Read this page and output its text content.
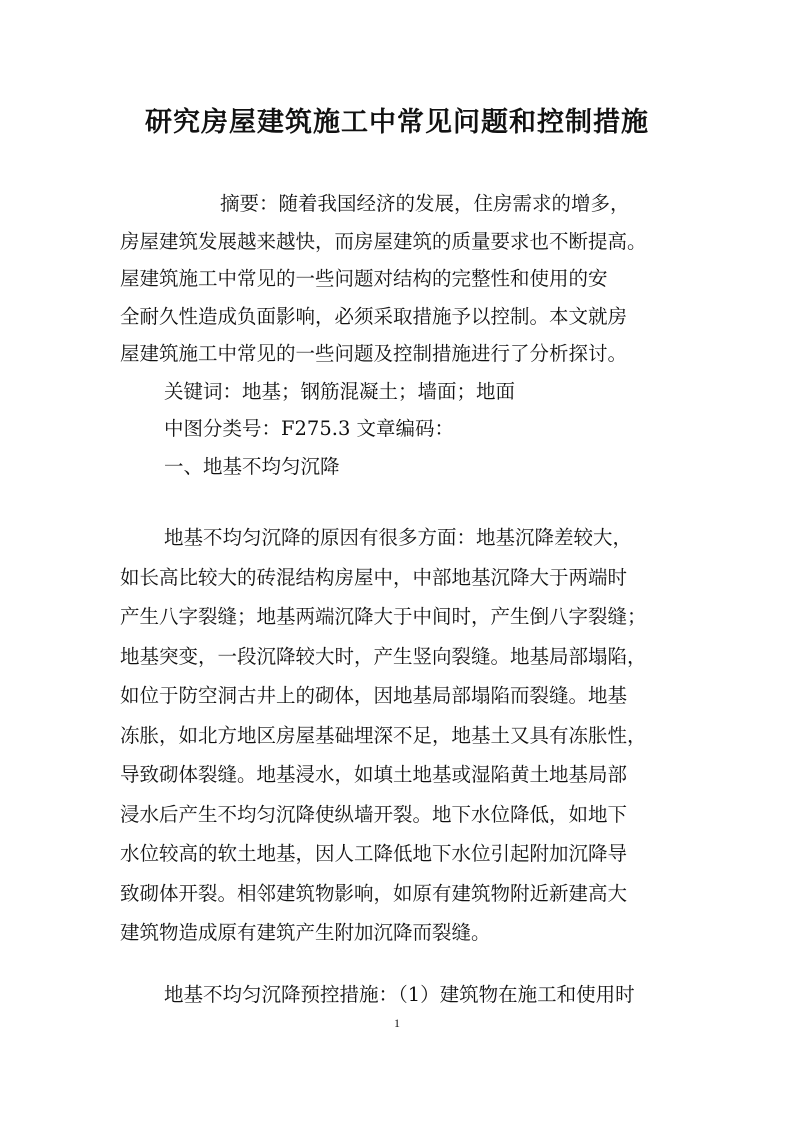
研究房屋建筑施工中常见问题和控制措施
摘要：随着我国经济的发展，住房需求的增多，
房屋建筑发展越来越快，而房屋建筑的质量要求也不断提高。
屋建筑施工中常见的一些问题对结构的完整性和使用的安
全耐久性造成负面影响，必须采取措施予以控制。本文就房
屋建筑施工中常见的一些问题及控制措施进行了分析探讨。
关键词：地基；钢筋混凝土；墙面；地面
中图分类号：F275.3 文章编码：
一、地基不均匀沉降
地基不均匀沉降的原因有很多方面：地基沉降差较大，
如长高比较大的砖混结构房屋中，中部地基沉降大于两端时
产生八字裂缝；地基两端沉降大于中间时，产生倒八字裂缝；
地基突变，一段沉降较大时，产生竖向裂缝。地基局部塌陷，
如位于防空洞古井上的砌体，因地基局部塌陷而裂缝。地基
冻胀，如北方地区房屋基础埋深不足，地基土又具有冻胀性，
导致砌体裂缝。地基浸水，如填土地基或湿陷黄土地基局部
浸水后产生不均匀沉降使纵墙开裂。地下水位降低，如地下
水位较高的软土地基，因人工降低地下水位引起附加沉降导
致砌体开裂。相邻建筑物影响，如原有建筑物附近新建高大
建筑物造成原有建筑产生附加沉降而裂缝。
地基不均匀沉降预控措施：（1）建筑物在施工和使用时
1
